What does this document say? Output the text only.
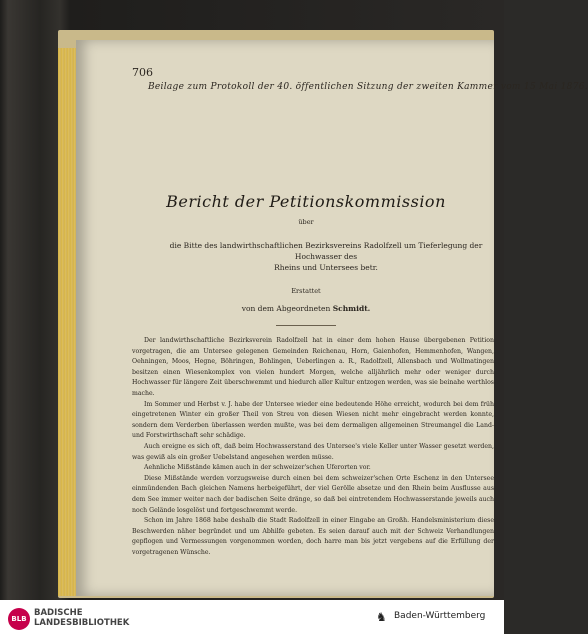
706
Beilage zum Protokoll der 40. öffentlichen Sitzung der zweiten Kammer vom 15 Mai 1876.
Bericht der Petitionskommission
über
die Bitte des landwirthschaftlichen Bezirksvereins Radolfzell um Tieferlegung der Hochwasser des
Rheins und Untersees betr.
Erstattet
von dem Abgeordneten Schmidt.

Der landwirthschaftliche Bezirksverein Radolfzell hat in einer dem hohen Hause übergebenen Petition vorgetragen, die am Untersee gelegenen Gemeinden Reichenau, Horn, Gaienhofen, Hemmenhofen, Wangen, Oehningen, Moos, Hegne, Böhringen, Bohlingen, Ueberlingen a. R., Radolfzell, Allensbach und Wollmatingen besitzen einen Wiesenkomplex von vielen hundert Morgen, welche alljährlich mehr oder weniger durch Hochwasser für längere Zeit überschwemmt und hiedurch aller Kultur entzogen werden, was sie beinahe werthlos mache.

Im Sommer und Herbst v. J. habe der Untersee wieder eine bedeutende Höhe erreicht, wodurch bei dem früh eingetretenen Winter ein großer Theil von Streu von diesen Wiesen nicht mehr eingebracht werden konnte, sondern dem Verderben überlassen werden mußte, was bei dem dermaligen allgemeinen Streumangel die Land- und Forstwirthschaft sehr schädige.

Auch ereigne es sich oft, daß beim Hochwasserstand des Untersee's viele Keller unter Wasser gesetzt werden, was gewiß als ein großer Uebelstand angesehen werden müsse.

Aehnliche Mißstände kämen auch in der schweizer'schen Uferorten vor.

Diese Mißstände werden vorzugsweise durch einen bei dem schweizer'schen Orte Eschenz in den Untersee einmündenden Bach gleichen Namens herbeigeführt, der viel Gerölle absetze und den Rhein beim Ausflusse aus dem See immer weiter nach der badischen Seite dränge, so daß bei eintretendem Hochwasserstande jeweils auch noch Gelände losgelöst und fortgeschwemmt werde.

Schon im Jahre 1868 habe deshalb die Stadt Radolfzell in einer Eingabe an Großh. Handelsministerium diese Beschwerden näher begründet und um Abhilfe gebeten. Es seien darauf auch mit der Schweiz Verhandlungen gepflogen und Vermessungen vorgenommen worden, doch harre man bis jetzt vergebens auf die Erfüllung der vorgetragenen Wünsche.

BLB
BADISCHE
LANDESBIBLIOTHEK	♞ Baden-Württemberg
